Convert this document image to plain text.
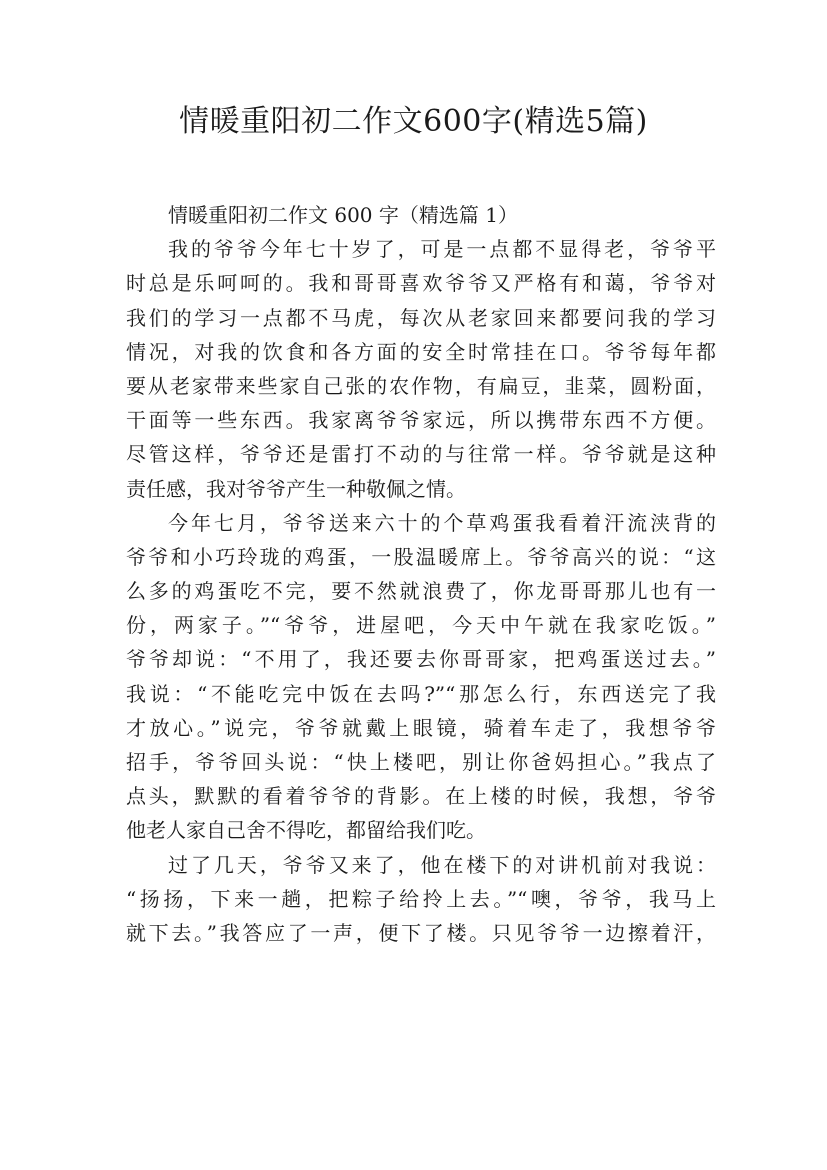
情暖重阳初二作文600字(精选5篇)
情暖重阳初二作文 600 字（精选篇 1）
我的爷爷今年七十岁了，可是一点都不显得老，爷爷平
时总是乐呵呵的。我和哥哥喜欢爷爷又严格有和蔼，爷爷对
我们的学习一点都不马虎，每次从老家回来都要问我的学习
情况，对我的饮食和各方面的安全时常挂在口。爷爷每年都
要从老家带来些家自己张的农作物，有扁豆，韭菜，圆粉面，
干面等一些东西。我家离爷爷家远，所以携带东西不方便。
尽管这样，爷爷还是雷打不动的与往常一样。爷爷就是这种
责任感，我对爷爷产生一种敬佩之情。
今年七月，爷爷送来六十的个草鸡蛋我看着汗流浃背的
爷爷和小巧玲珑的鸡蛋，一股温暖席上。爷爷高兴的说：“这
么多的鸡蛋吃不完，要不然就浪费了，你龙哥哥那儿也有一
份，两家子。”“爷爷，进屋吧，今天中午就在我家吃饭。”
爷爷却说：“不用了，我还要去你哥哥家，把鸡蛋送过去。”
我说：“不能吃完中饭在去吗?”“那怎么行，东西送完了我
才放心。”说完，爷爷就戴上眼镜，骑着车走了，我想爷爷
招手，爷爷回头说：“快上楼吧，别让你爸妈担心。”我点了
点头，默默的看着爷爷的背影。在上楼的时候，我想，爷爷
他老人家自己舍不得吃，都留给我们吃。
过了几天，爷爷又来了，他在楼下的对讲机前对我说：
“扬扬，下来一趟，把粽子给拎上去。”“噢，爷爷，我马上
就下去。”我答应了一声，便下了楼。只见爷爷一边擦着汗，
